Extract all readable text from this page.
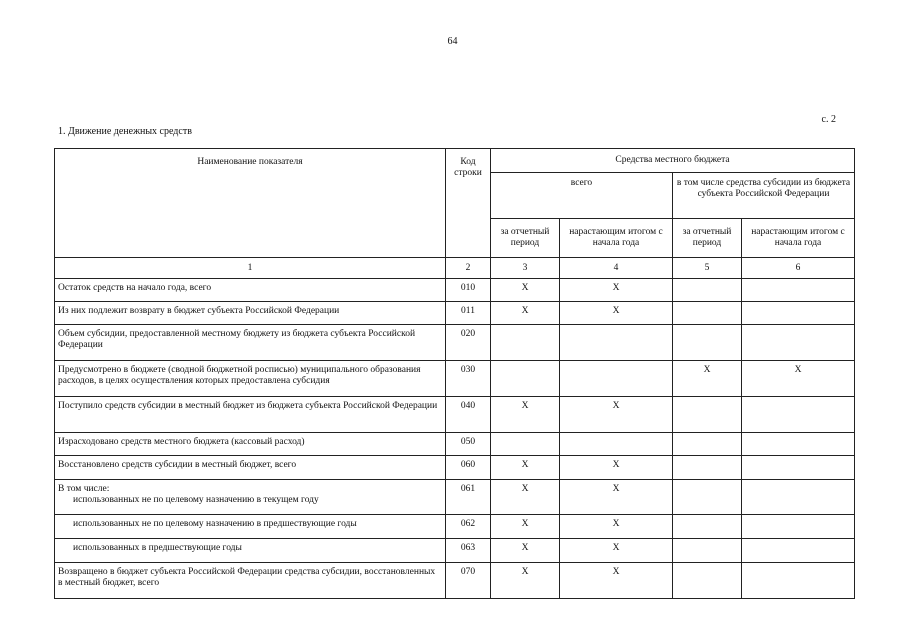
64
с. 2
1. Движение денежных средств
Наименование показателя	Код строки	Средства местного бюджета			
		всего		в том числе средства субсидии из бюджета субъекта Российской Федерации	
		за отчетный период	нарастающим итогом с начала года	за отчетный период	нарастающим итогом с начала года
1	2	3	4	5	6
Остаток средств на начало года, всего	010	X	X		
Из них подлежит возврату в бюджет субъекта Российской Федерации	011	X	X		
Объем субсидии, предоставленной местному бюджету из бюджета субъекта Российской Федерации	020				
Предусмотрено в бюджете (сводной бюджетной росписью) муниципального образования расходов, в целях осуществления которых предоставлена субсидия	030			X	X
Поступило средств субсидии в местный бюджет из бюджета субъекта Российской Федерации	040	X	X		
Израсходовано средств местного бюджета (кассовый расход)	050				
Восстановлено средств субсидии в местный бюджет, всего	060	X	X		

В том числе:
использованных не по целевому назначению в текущем году	061	X	X		
использованных не по целевому назначению в предшествующие годы	062	X	X		
использованных в предшествующие годы	063	X	X		
Возвращено в бюджет субъекта Российской Федерации средства субсидии, восстановленных в местный бюджет, всего	070	X	X		
